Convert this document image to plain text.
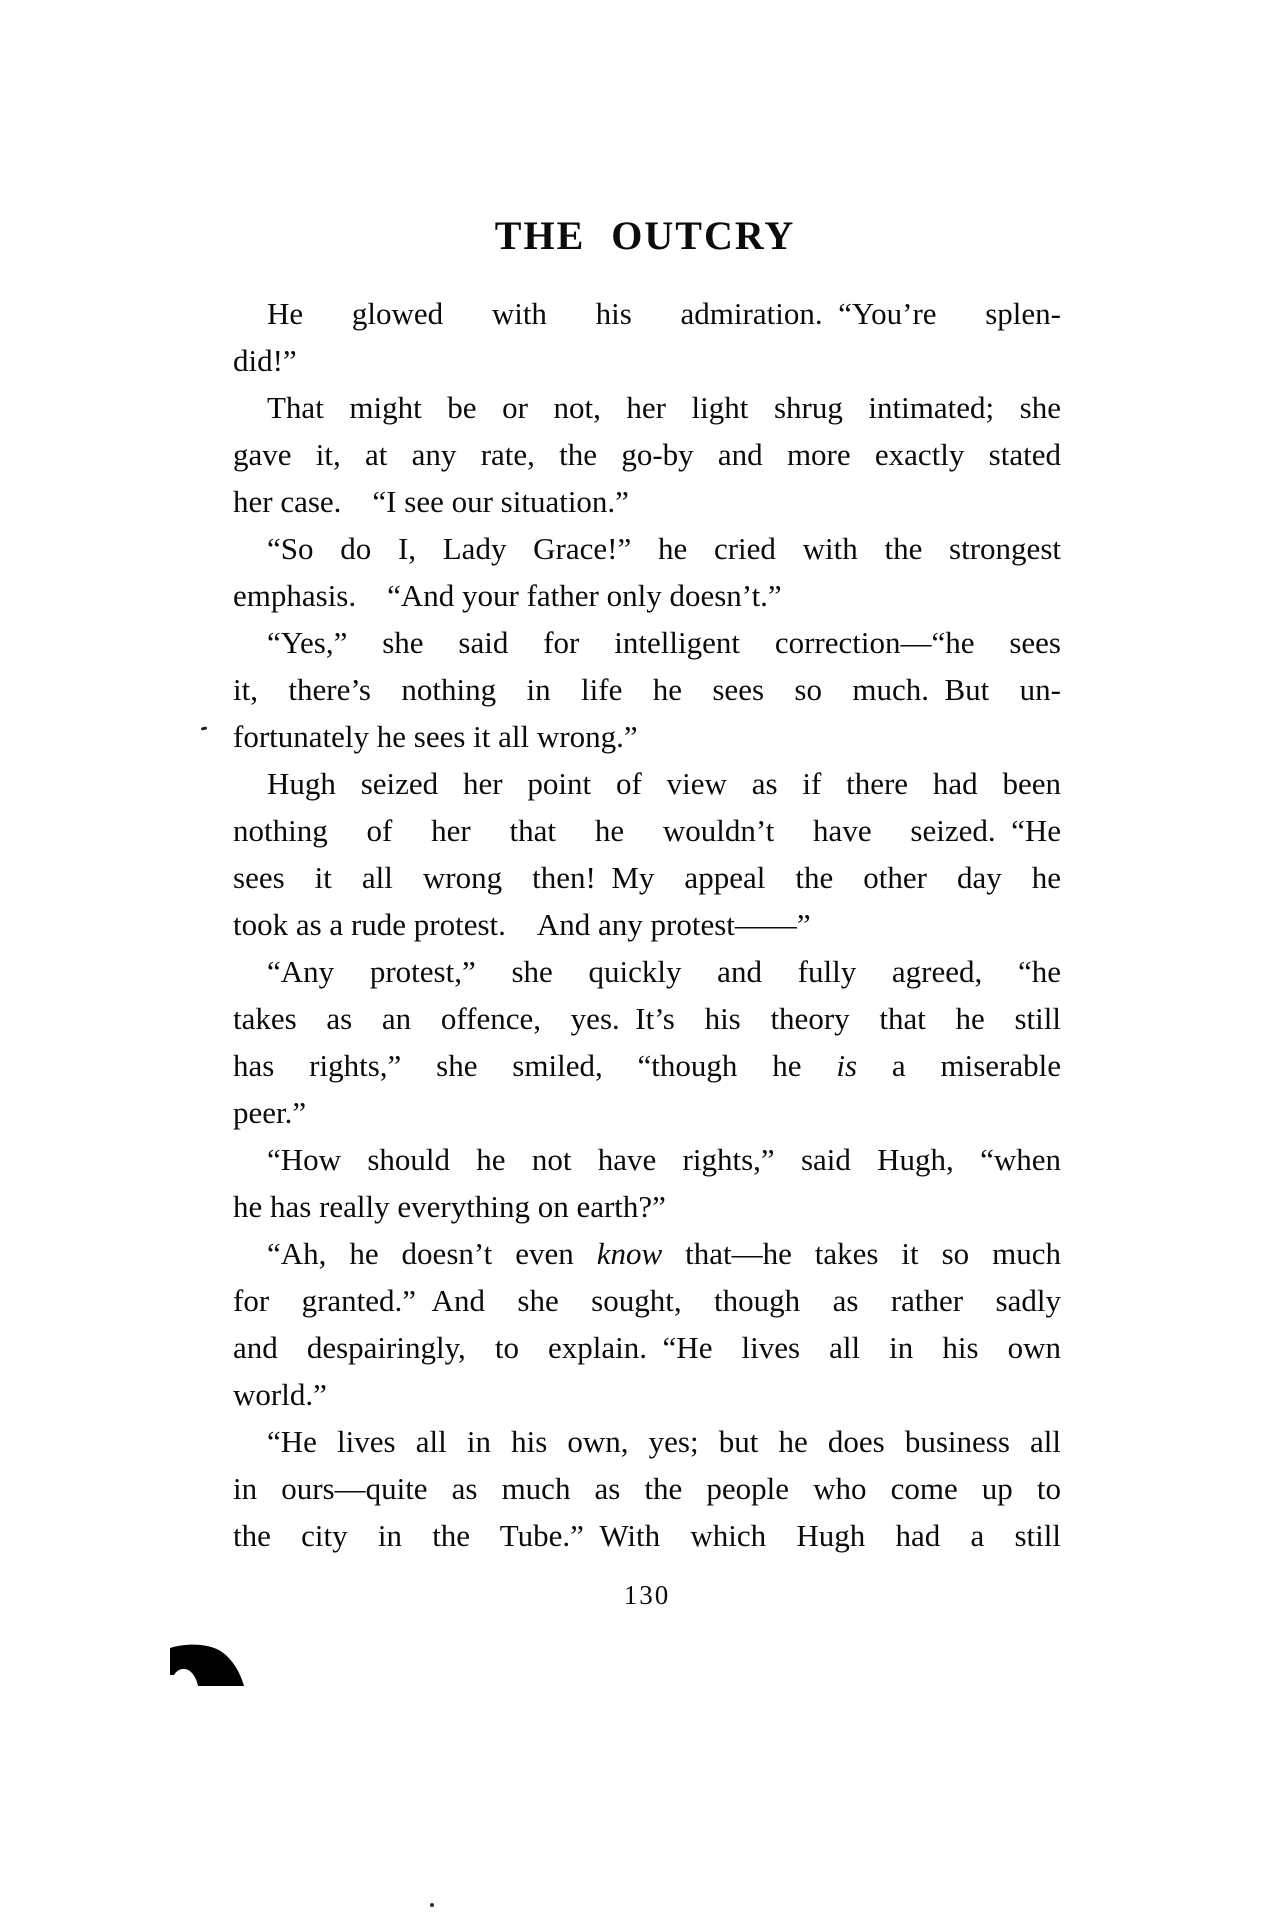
THE OUTCRY
He glowed with his admiration. “You’re splen-
did!”
That might be or not, her light shrug intimated; she
gave it, at any rate, the go-by and more exactly stated
her case. “I see our situation.”
“So do I, Lady Grace!” he cried with the strongest
emphasis. “And your father only doesn’t.”
“Yes,” she said for intelligent correction—“he sees
it, there’s nothing in life he sees so much. But un-
fortunately he sees it all wrong.”
Hugh seized her point of view as if there had been
nothing of her that he wouldn’t have seized. “He
sees it all wrong then! My appeal the other day he
took as a rude protest. And any protest——”
“Any protest,” she quickly and fully agreed, “he
takes as an offence, yes. It’s his theory that he still
has rights,” she smiled, “though he is a miserable
peer.”
“How should he not have rights,” said Hugh, “when
he has really everything on earth?”
“Ah, he doesn’t even know that—he takes it so much
for granted.” And she sought, though as rather sadly
and despairingly, to explain. “He lives all in his own
world.”
“He lives all in his own, yes; but he does business all
in ours—quite as much as the people who come up to
the city in the Tube.” With which Hugh had a still
130
